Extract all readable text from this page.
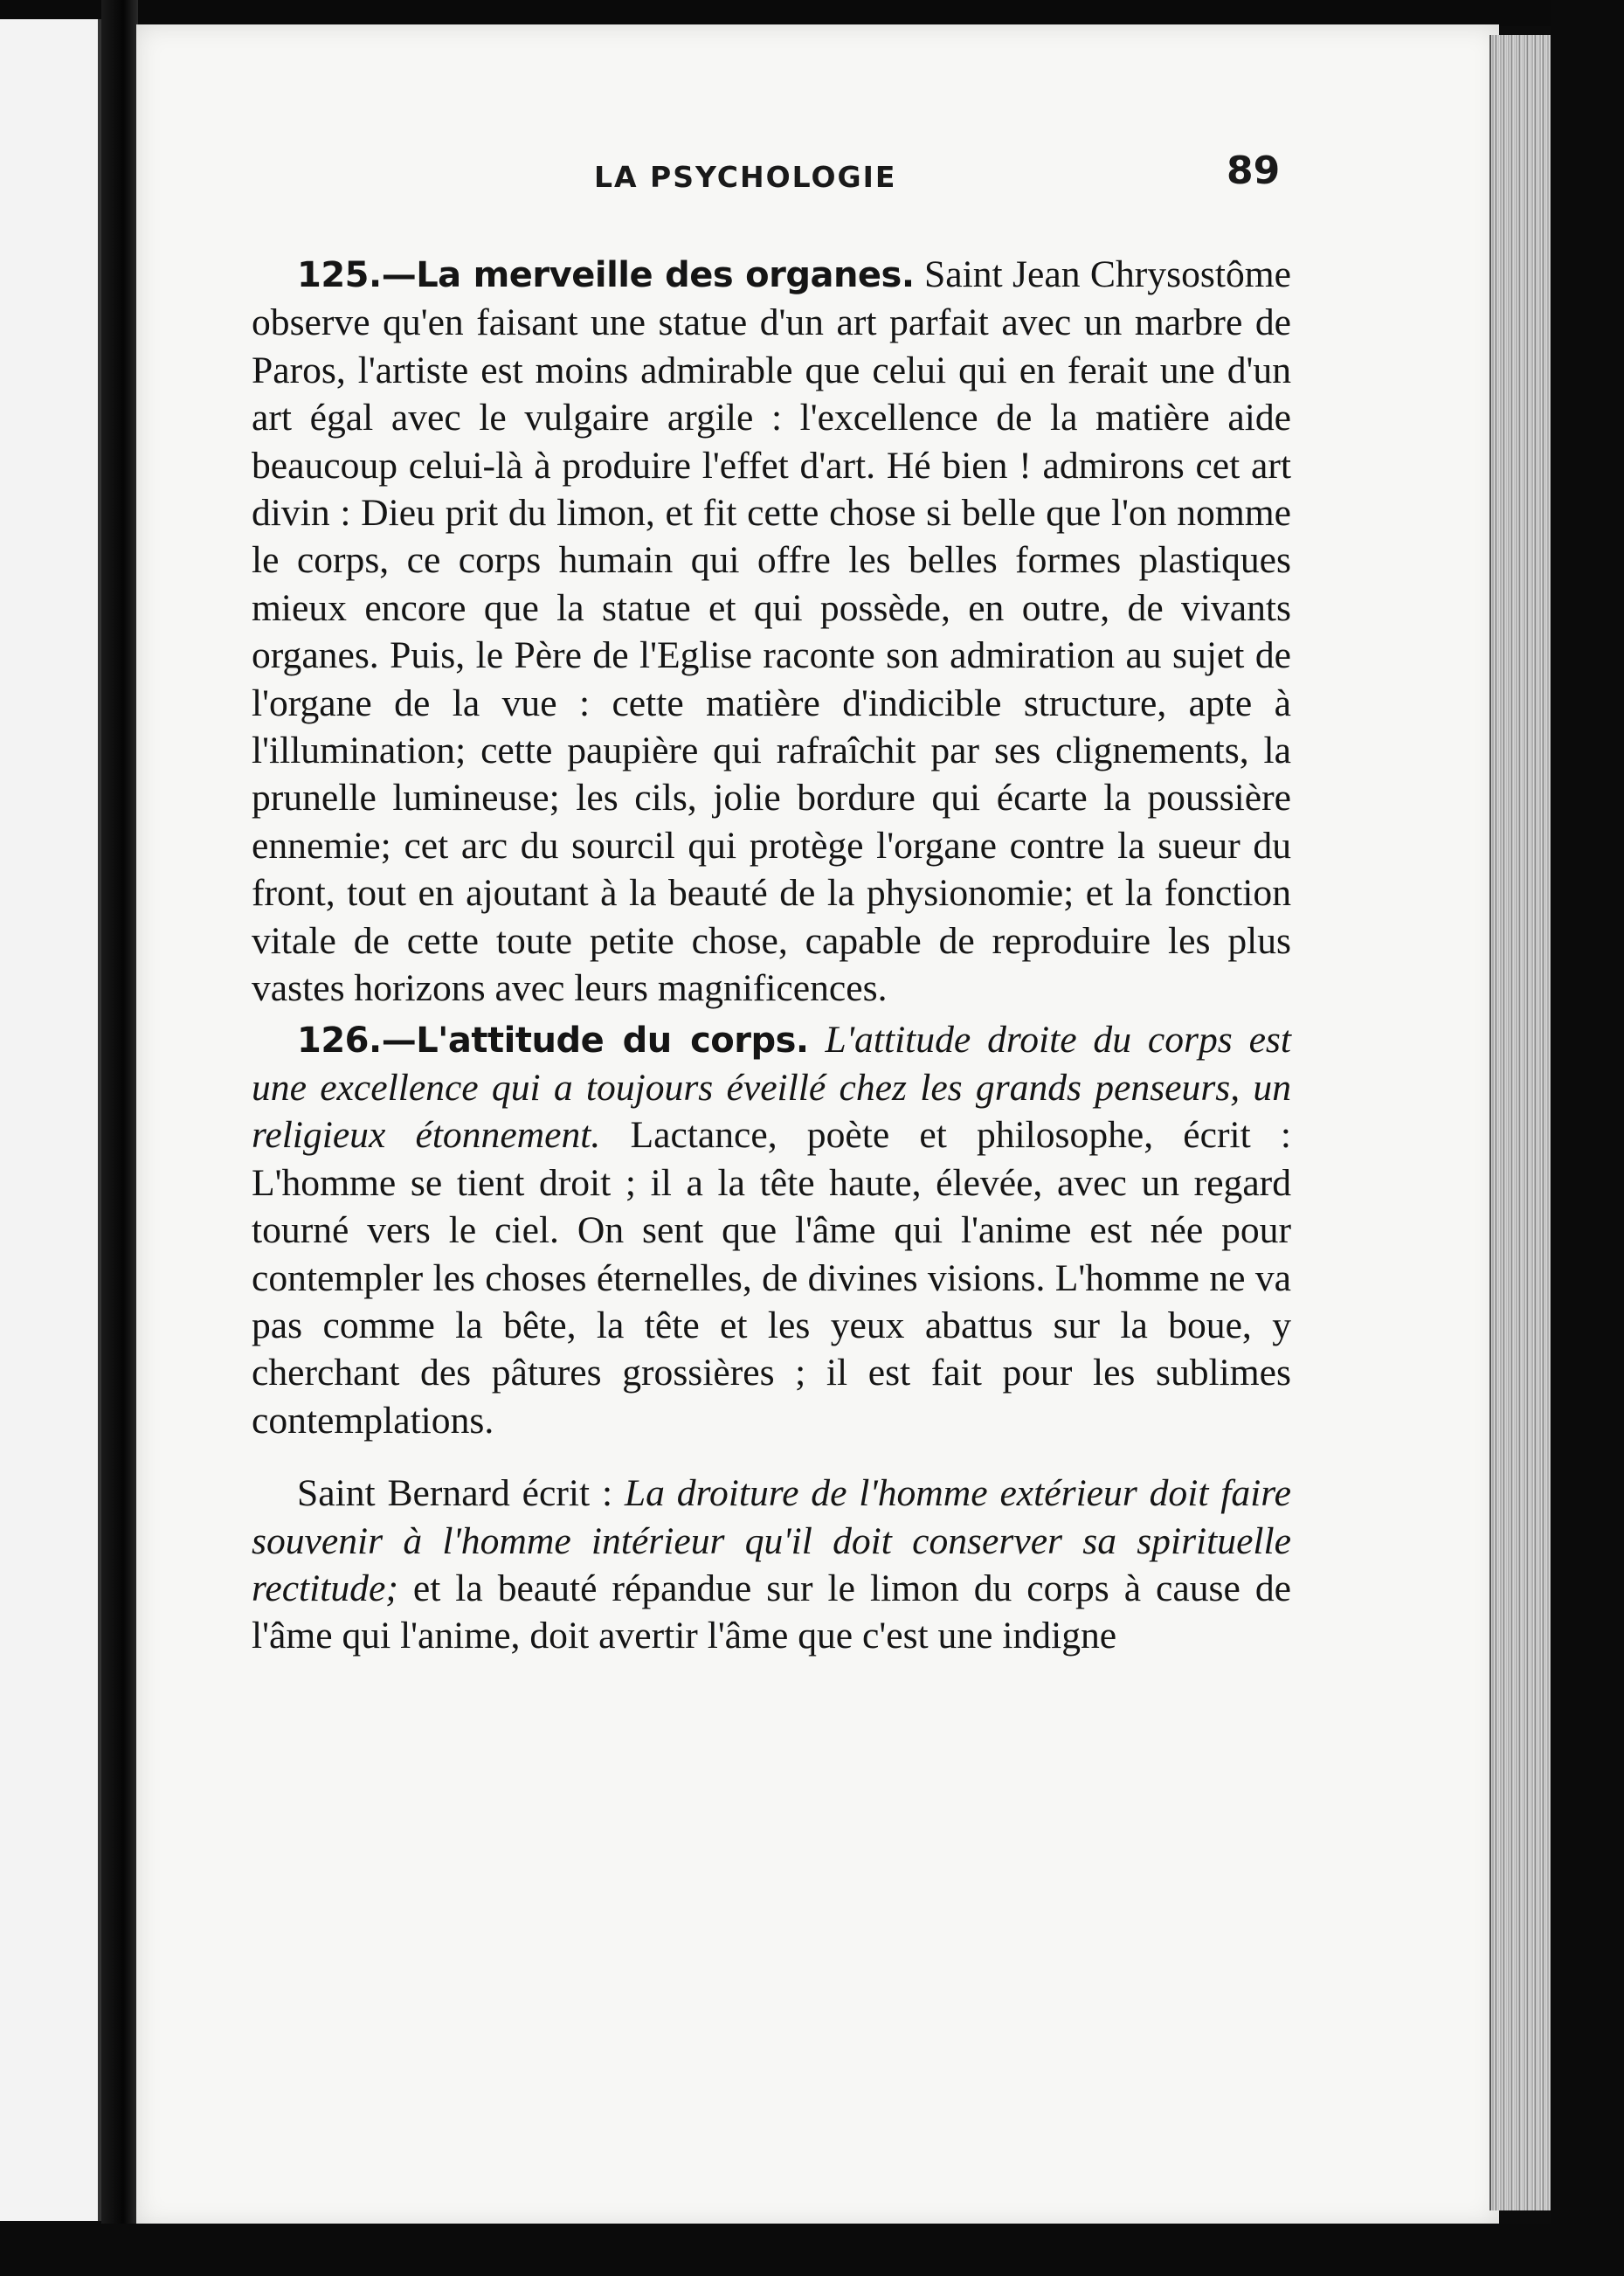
LA PSYCHOLOGIE	89

125.—La merveille des organes. Saint Jean Chrysostôme observe qu'en faisant une statue d'un art parfait avec un marbre de Paros, l'artiste est moins admirable que celui qui en ferait une d'un art égal avec le vulgaire argile : l'excellence de la matière aide beaucoup celui-là à produire l'effet d'art. Hé bien ! admirons cet art divin : Dieu prit du limon, et fit cette chose si belle que l'on nomme le corps, ce corps humain qui offre les belles formes plastiques mieux encore que la statue et qui possède, en outre, de vivants organes. Puis, le Père de l'Eglise raconte son admiration au sujet de l'organe de la vue : cette matière d'indicible structure, apte à l'illumination; cette paupière qui rafraîchit par ses clignements, la prunelle lumineuse; les cils, jolie bordure qui écarte la poussière ennemie; cet arc du sourcil qui protège l'organe contre la sueur du front, tout en ajoutant à la beauté de la physionomie; et la fonction vitale de cette toute petite chose, capable de reproduire les plus vastes horizons avec leurs magnificences.

126.—L'attitude du corps. L'attitude droite du corps est une excellence qui a toujours éveillé chez les grands penseurs, un religieux étonnement. Lactance, poète et philosophe, écrit : L'homme se tient droit ; il a la tête haute, élevée, avec un regard tourné vers le ciel. On sent que l'âme qui l'anime est née pour contempler les choses éternelles, de divines visions. L'homme ne va pas comme la bête, la tête et les yeux abattus sur la boue, y cherchant des pâtures grossières ; il est fait pour les sublimes contemplations.

Saint Bernard écrit : La droiture de l'homme extérieur doit faire souvenir à l'homme intérieur qu'il doit conserver sa spirituelle rectitude; et la beauté répandue sur le limon du corps à cause de l'âme qui l'anime, doit avertir l'âme que c'est une indigne
